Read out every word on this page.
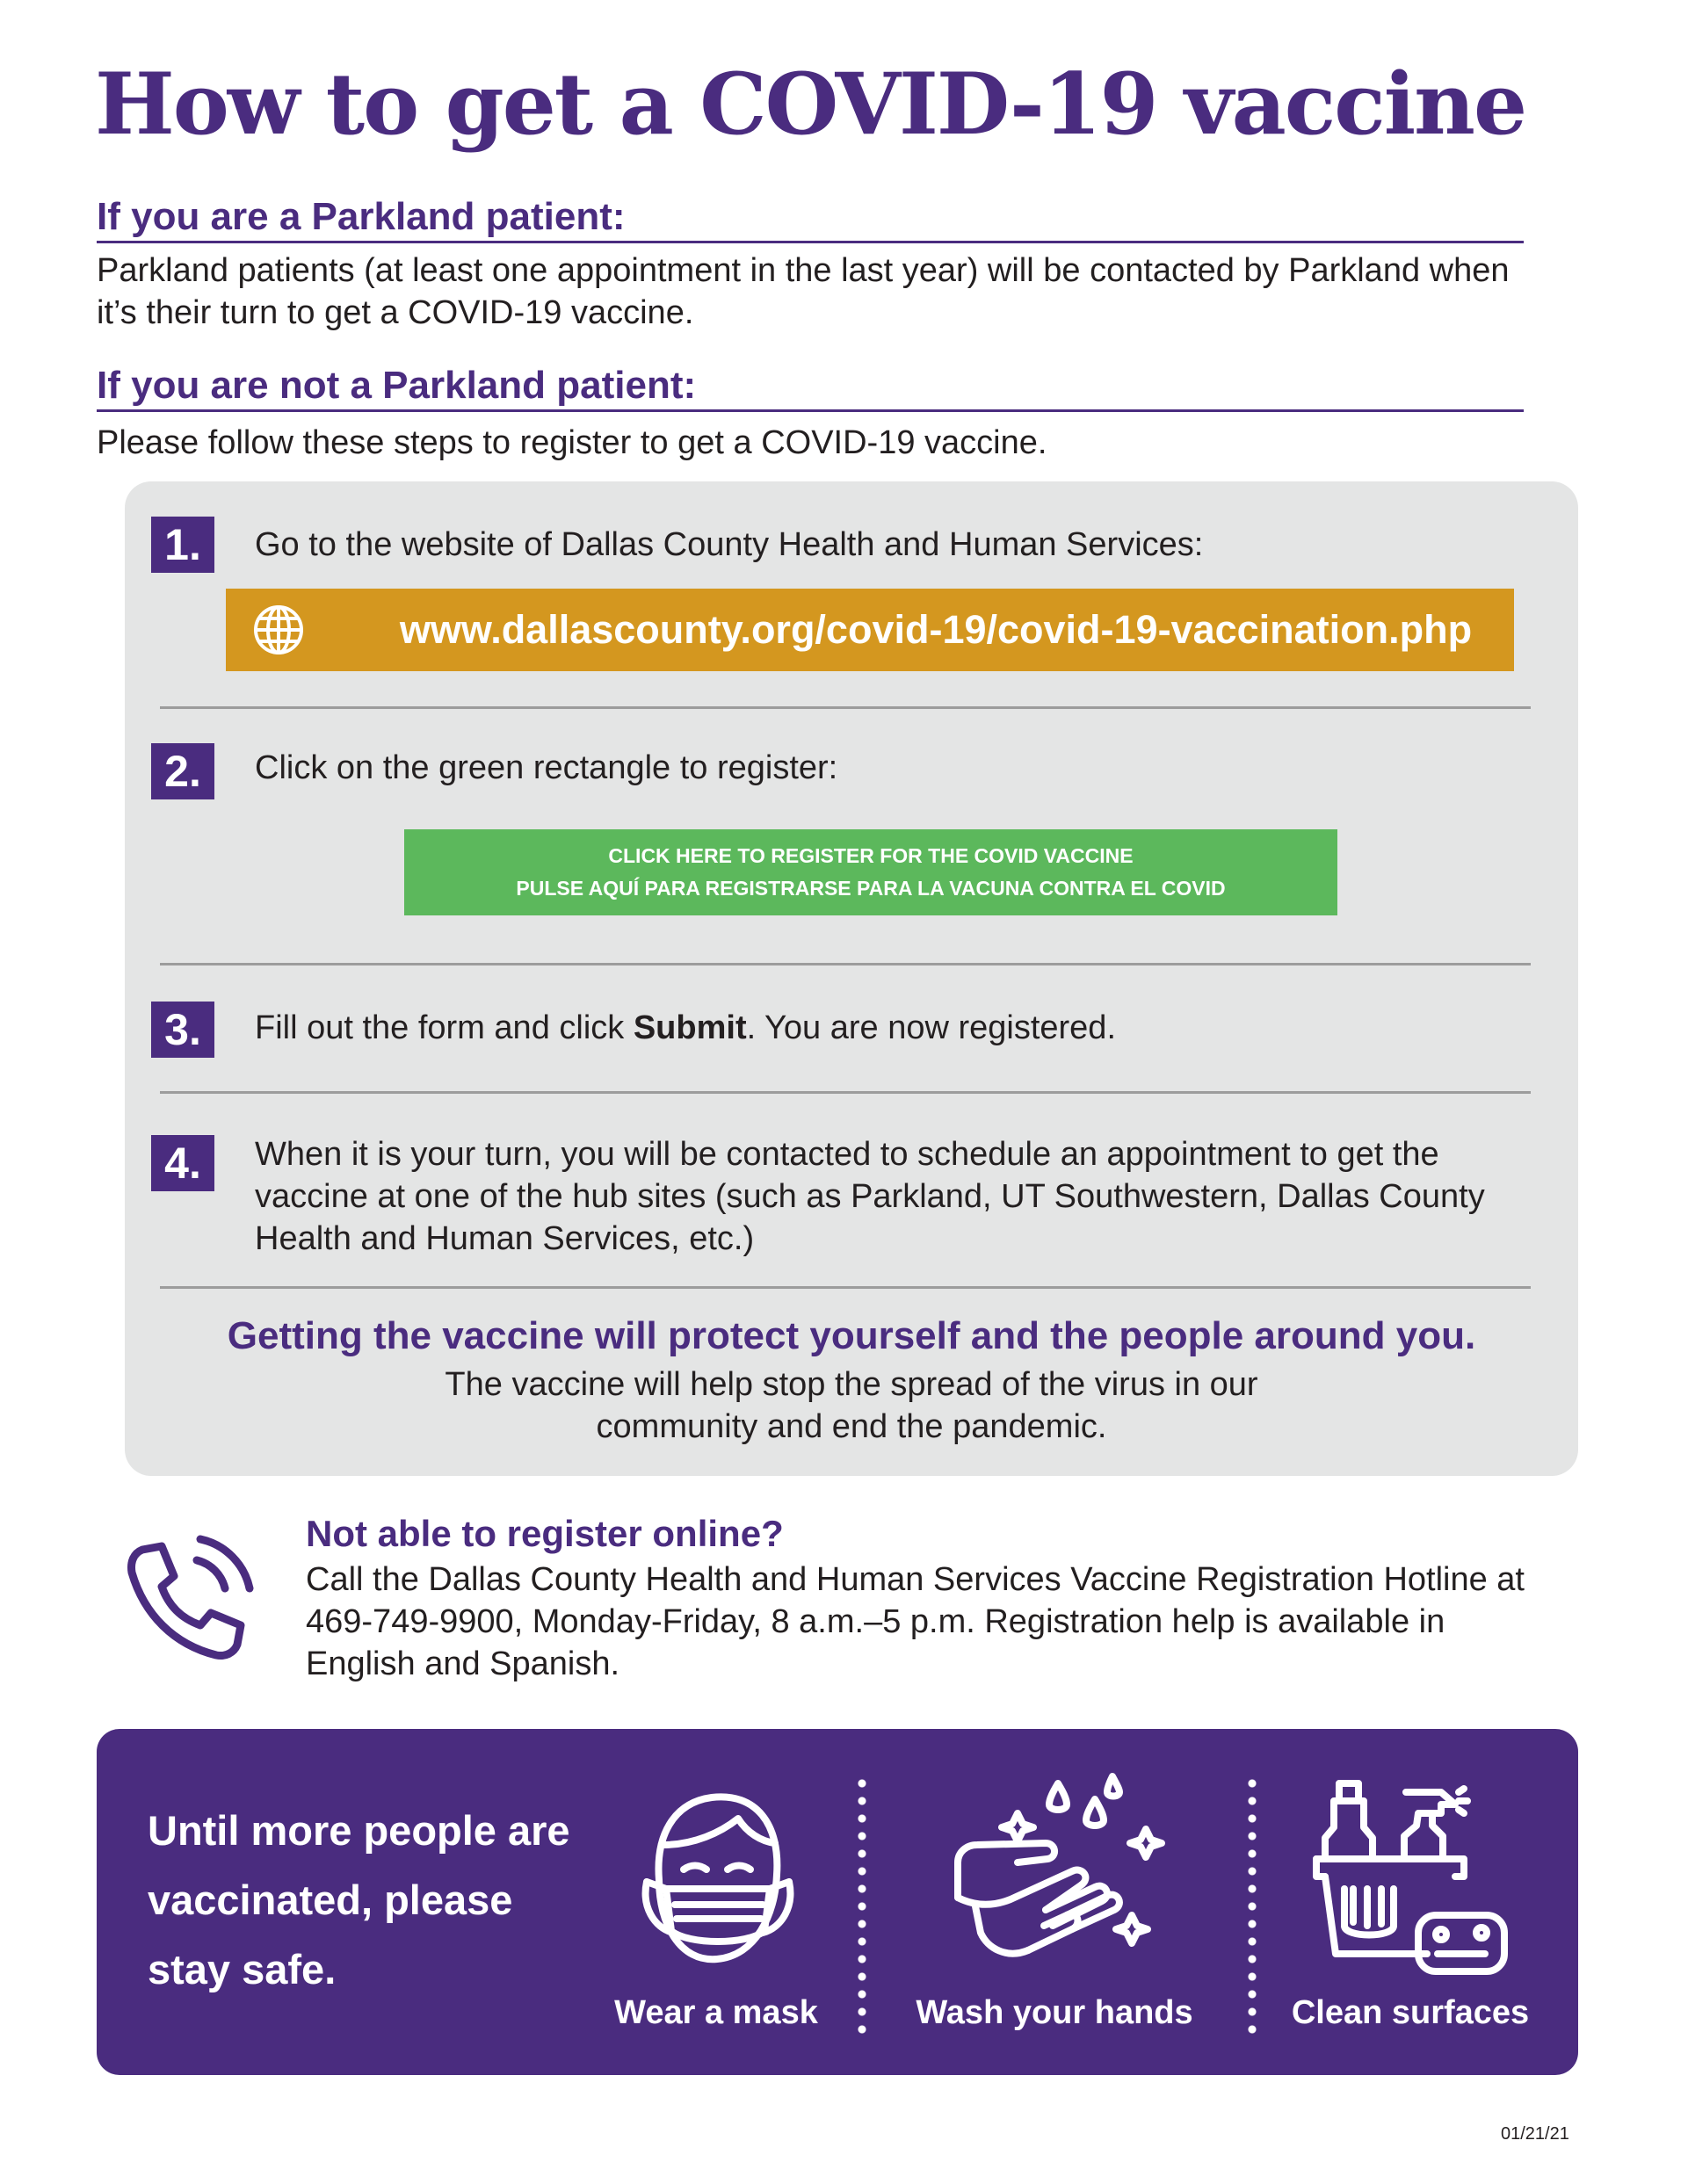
How to get a COVID-19 vaccine
If you are a Parkland patient:

Parkland patients (at least one appointment in the last year) will be contacted by Parkland when it’s their turn to get a COVID-19 vaccine.

If you are not a Parkland patient:

Please follow these steps to register to get a COVID-19 vaccine.

1.	Go to the website of Dallas County Health and Human Services:

www.dallascounty.org/covid-19/covid-19-vaccination.php
2.	Click on the green rectangle to register:

CLICK HERE TO REGISTER FOR THE COVID VACCINE
PULSE AQUÍ PARA REGISTRARSE PARA LA VACUNA CONTRA EL COVID
3.	Fill out the form and click Submit. You are now registered.

4.	When it is your turn, you will be contacted to schedule an appointment to get the vaccine at one of the hub sites (such as Parkland, UT Southwestern, Dallas County Health and Human Services, etc.)

Getting the vaccine will protect yourself and the people around you.

The vaccine will help stop the spread of the virus in our community and end the pandemic.

Not able to register online?

Call the Dallas County Health and Human Services Vaccine Registration Hotline at 469-749-9900, Monday-Friday, 8 a.m.–5 p.m. Registration help is available in English and Spanish.

Until more people are vaccinated, please stay safe.

Wear a mask	Wash your hands	Clean surfaces
01/21/21
